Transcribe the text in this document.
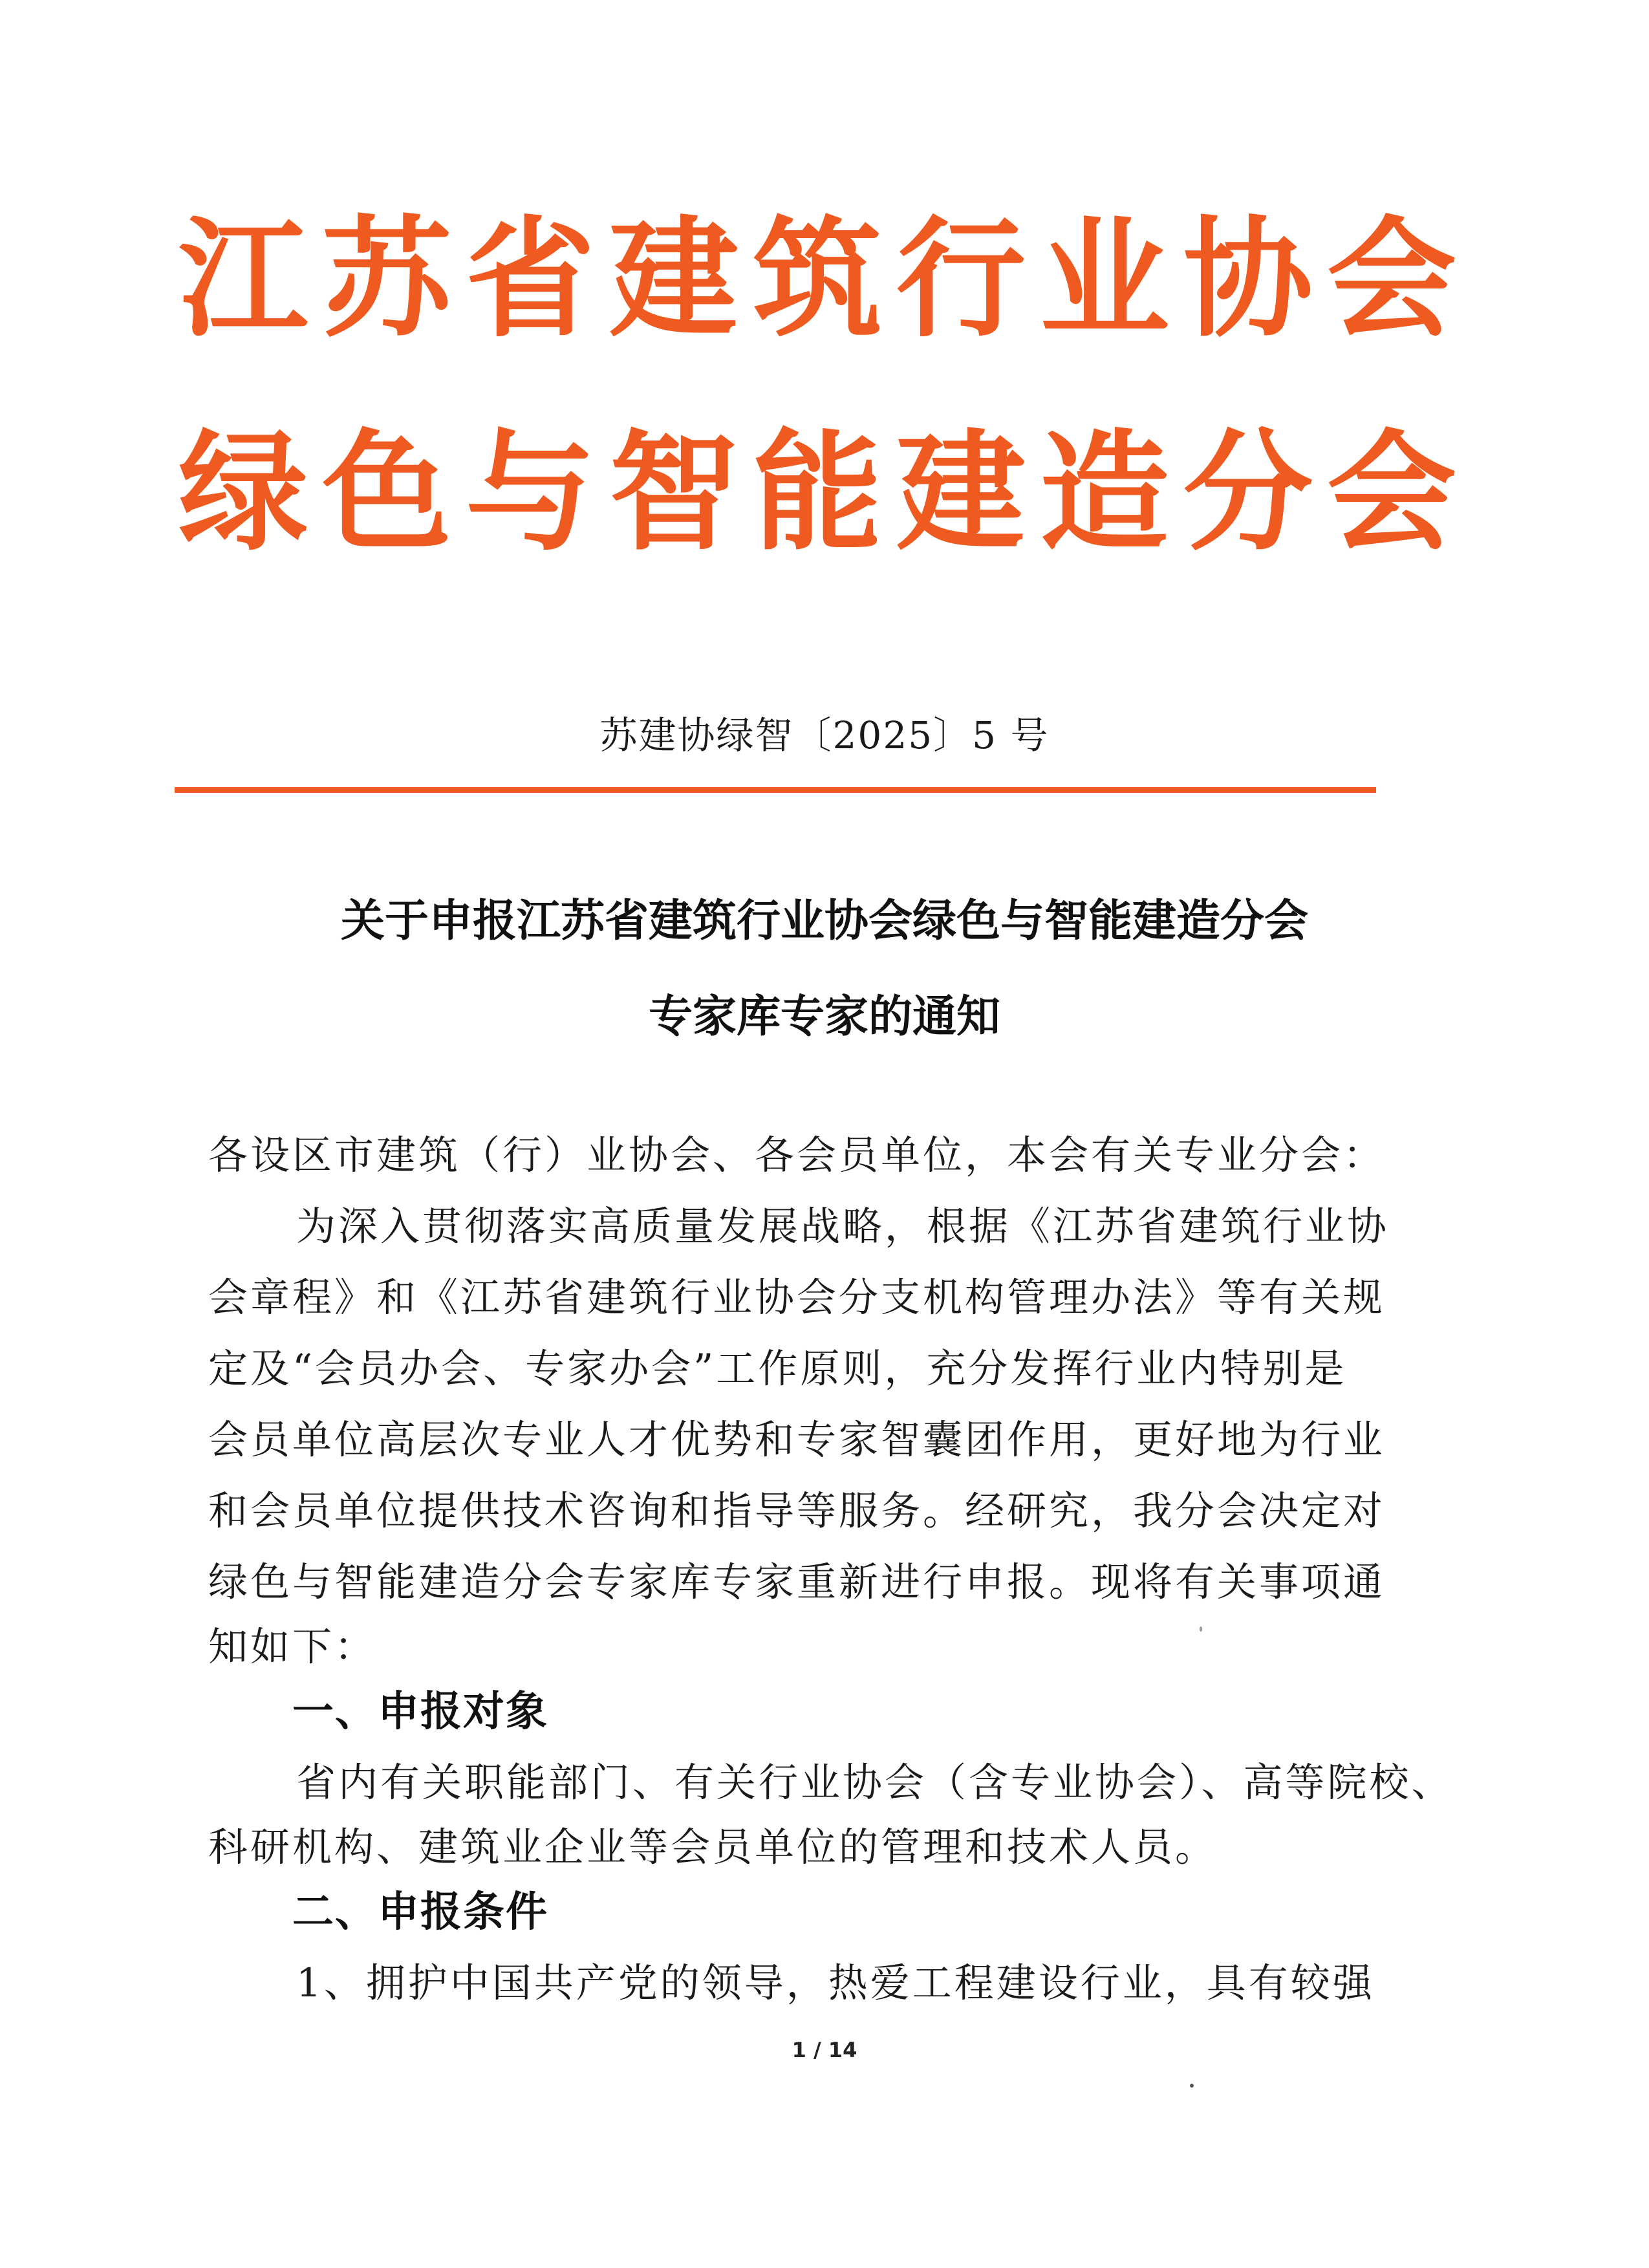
江苏省建筑行业协会
绿色与智能建造分会
苏建协绿智〔2025〕5 号
关于申报江苏省建筑行业协会绿色与智能建造分会
专家库专家的通知
各设区市建筑（行）业协会、各会员单位，本会有关专业分会：
为深入贯彻落实高质量发展战略，根据《江苏省建筑行业协
会章程》和《江苏省建筑行业协会分支机构管理办法》等有关规
定及“会员办会、专家办会”工作原则，充分发挥行业内特别是
会员单位高层次专业人才优势和专家智囊团作用，更好地为行业
和会员单位提供技术咨询和指导等服务。经研究，我分会决定对
绿色与智能建造分会专家库专家重新进行申报。现将有关事项通
知如下：
一、申报对象
省内有关职能部门、有关行业协会（含专业协会）、高等院校、
科研机构、建筑业企业等会员单位的管理和技术人员。
二、申报条件
1、拥护中国共产党的领导，热爱工程建设行业，具有较强
1 / 14
